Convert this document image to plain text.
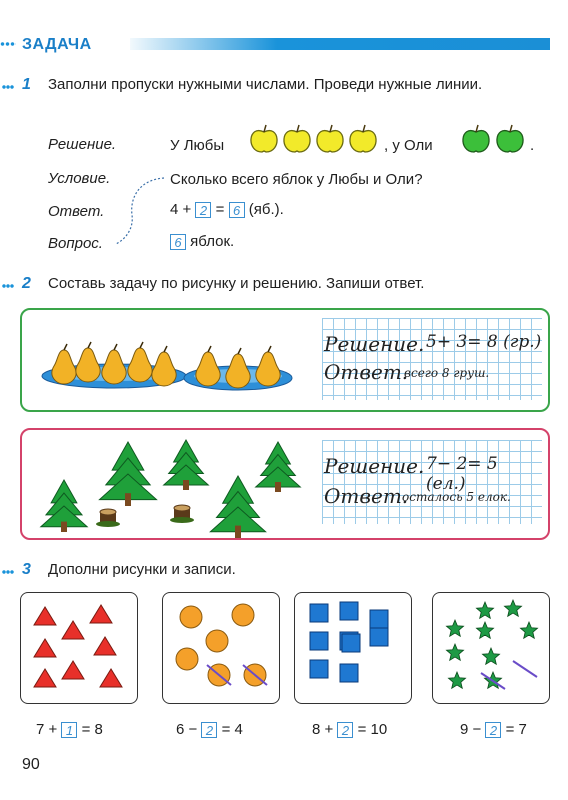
ЗАДАЧА
1 Заполни пропуски нужными числами. Проведи нужные линии.
Решение.	У Любы	, у Оли	.
Условие.	Сколько всего яблок у Любы и Оли?
Ответ.	4 + 2 = 6 (яб.).
Вопрос.	6 яблок.
2 Составь задачу по рисунку и решению. Запиши ответ.
Решение. 5+ 3= 8 (гр.)
Ответ.
всего 8 груш.
Решение. 7− 2= 5 (ел.)
Ответ.
осталось 5 елок.
3 Дополни рисунки и записи.
7 + 1 = 8	6 − 2 = 4	8 + 2 = 10	9 − 2 = 7
90
